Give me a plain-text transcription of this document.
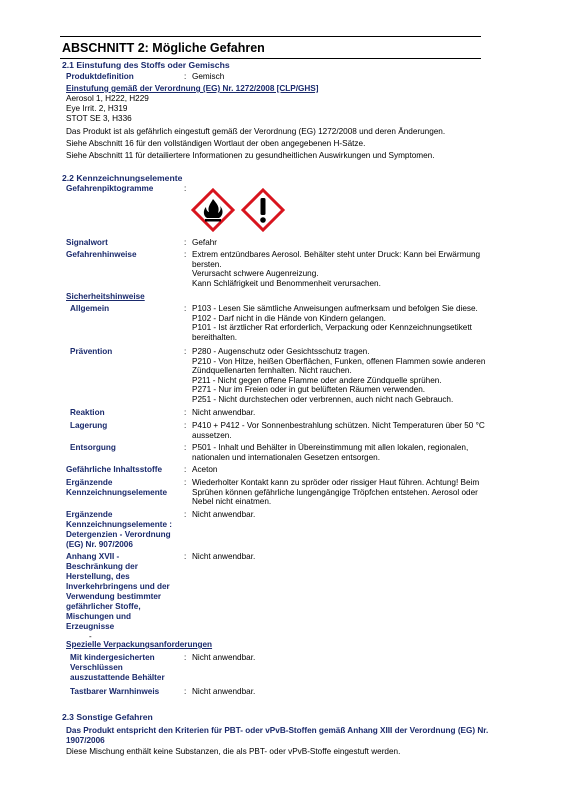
ABSCHNITT 2: Mögliche Gefahren
2.1 Einstufung des Stoffs oder Gemischs
Produktdefinition	: Gemisch
Einstufung gemäß der Verordnung (EG) Nr. 1272/2008 [CLP/GHS]
Aerosol 1, H222, H229
Eye Irrit. 2, H319
STOT SE 3, H336
Das Produkt ist als gefährlich eingestuft gemäß der Verordnung (EG) 1272/2008 und deren Änderungen.
Siehe Abschnitt 16 für den vollständigen Wortlaut der oben angegebenen H-Sätze.
Siehe Abschnitt 11 für detailiertere Informationen zu gesundheitlichen Auswirkungen und Symptomen.
2.2 Kennzeichnungselemente
Gefahrenpiktogramme	:
Signalwort	: Gefahr
Gefahrenhinweise	: Extrem entzündbares Aerosol. Behälter steht unter Druck: Kann bei Erwärmung bersten.
Verursacht schwere Augenreizung.
Kann Schläfrigkeit und Benommenheit verursachen.
Sicherheitshinweise
Allgemein	: P103 - Lesen Sie sämtliche Anweisungen aufmerksam und befolgen Sie diese.
P102 - Darf nicht in die Hände von Kindern gelangen.
P101 - Ist ärztlicher Rat erforderlich, Verpackung oder Kennzeichnungsetikett bereithalten.
Prävention	: P280 - Augenschutz oder Gesichtsschutz tragen.
P210 - Von Hitze, heißen Oberflächen, Funken, offenen Flammen sowie anderen Zündquellenarten fernhalten. Nicht rauchen.
P211 - Nicht gegen offene Flamme oder andere Zündquelle sprühen.
P271 - Nur im Freien oder in gut belüfteten Räumen verwenden.
P251 - Nicht durchstechen oder verbrennen, auch nicht nach Gebrauch.
Reaktion	: Nicht anwendbar.
Lagerung	: P410 + P412 - Vor Sonnenbestrahlung schützen. Nicht Temperaturen über 50 °C aussetzen.
Entsorgung	: P501 - Inhalt und Behälter in Übereinstimmung mit allen lokalen, regionalen, nationalen und internationalen Gesetzen entsorgen.
Gefährliche Inhaltsstoffe	: Aceton
Ergänzende
Kennzeichnungselemente
: Wiederholter Kontakt kann zu spröder oder rissiger Haut führen. Achtung! Beim Sprühen können gefährliche lungengängige Tröpfchen entstehen. Aerosol oder Nebel nicht einatmen.
Ergänzende
Kennzeichnungselemente :
Detergenzien - Verordnung
(EG) Nr. 907/2006
: Nicht anwendbar.
Anhang XVII -
Beschränkung der
Herstellung, des
Inverkehrbringens und der
Verwendung bestimmter
gefährlicher Stoffe,
Mischungen und
Erzeugnisse
: Nicht anwendbar.
-
Spezielle Verpackungsanforderungen
Mit kindergesicherten
Verschlüssen
auszustattende Behälter
: Nicht anwendbar.
Tastbarer Warnhinweis	: Nicht anwendbar.
2.3 Sonstige Gefahren
Das Produkt entspricht den Kriterien für PBT- oder vPvB-Stoffen gemäß Anhang XIII der Verordnung (EG) Nr. 1907/2006
Diese Mischung enthält keine Substanzen, die als PBT- oder vPvB-Stoffe eingestuft werden.
